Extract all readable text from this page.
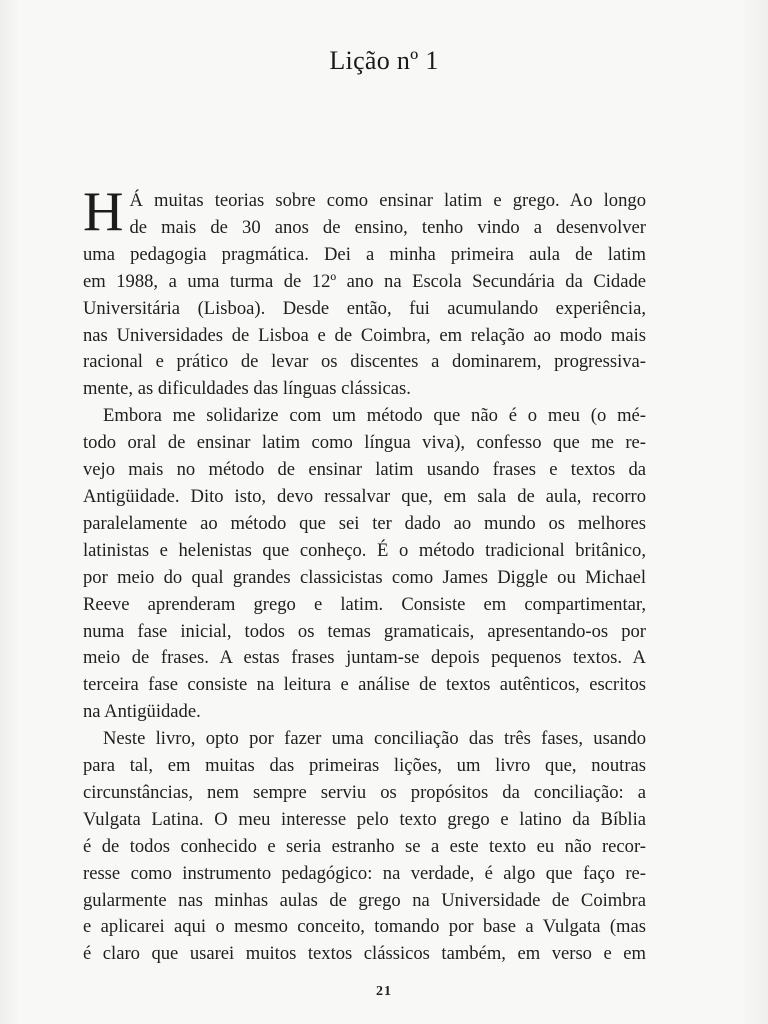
Lição nº 1
H Á muitas teorias sobre como ensinar latim e grego. Ao longo
de mais de 30 anos de ensino, tenho vindo a desenvolver
uma pedagogia pragmática. Dei a minha primeira aula de latim
em 1988, a uma turma de 12º ano na Escola Secundária da Cidade
Universitária (Lisboa). Desde então, fui acumulando experiência,
nas Universidades de Lisboa e de Coimbra, em relação ao modo mais
racional e prático de levar os discentes a dominarem, progressiva-
mente, as dificuldades das línguas clássicas.
Embora me solidarize com um método que não é o meu (o mé-
todo oral de ensinar latim como língua viva), confesso que me re-
vejo mais no método de ensinar latim usando frases e textos da
Antigüidade. Dito isto, devo ressalvar que, em sala de aula, recorro
paralelamente ao método que sei ter dado ao mundo os melhores
latinistas e helenistas que conheço. É o método tradicional britânico,
por meio do qual grandes classicistas como James Diggle ou Michael
Reeve aprenderam grego e latim. Consiste em compartimentar,
numa fase inicial, todos os temas gramaticais, apresentando-os por
meio de frases. A estas frases juntam-se depois pequenos textos. A
terceira fase consiste na leitura e análise de textos autênticos, escritos
na Antigüidade.
Neste livro, opto por fazer uma conciliação das três fases, usando
para tal, em muitas das primeiras lições, um livro que, noutras
circunstâncias, nem sempre serviu os propósitos da conciliação: a
Vulgata Latina. O meu interesse pelo texto grego e latino da Bíblia
é de todos conhecido e seria estranho se a este texto eu não recor-
resse como instrumento pedagógico: na verdade, é algo que faço re-
gularmente nas minhas aulas de grego na Universidade de Coimbra
e aplicarei aqui o mesmo conceito, tomando por base a Vulgata (mas
é claro que usarei muitos textos clássicos também, em verso e em
21
